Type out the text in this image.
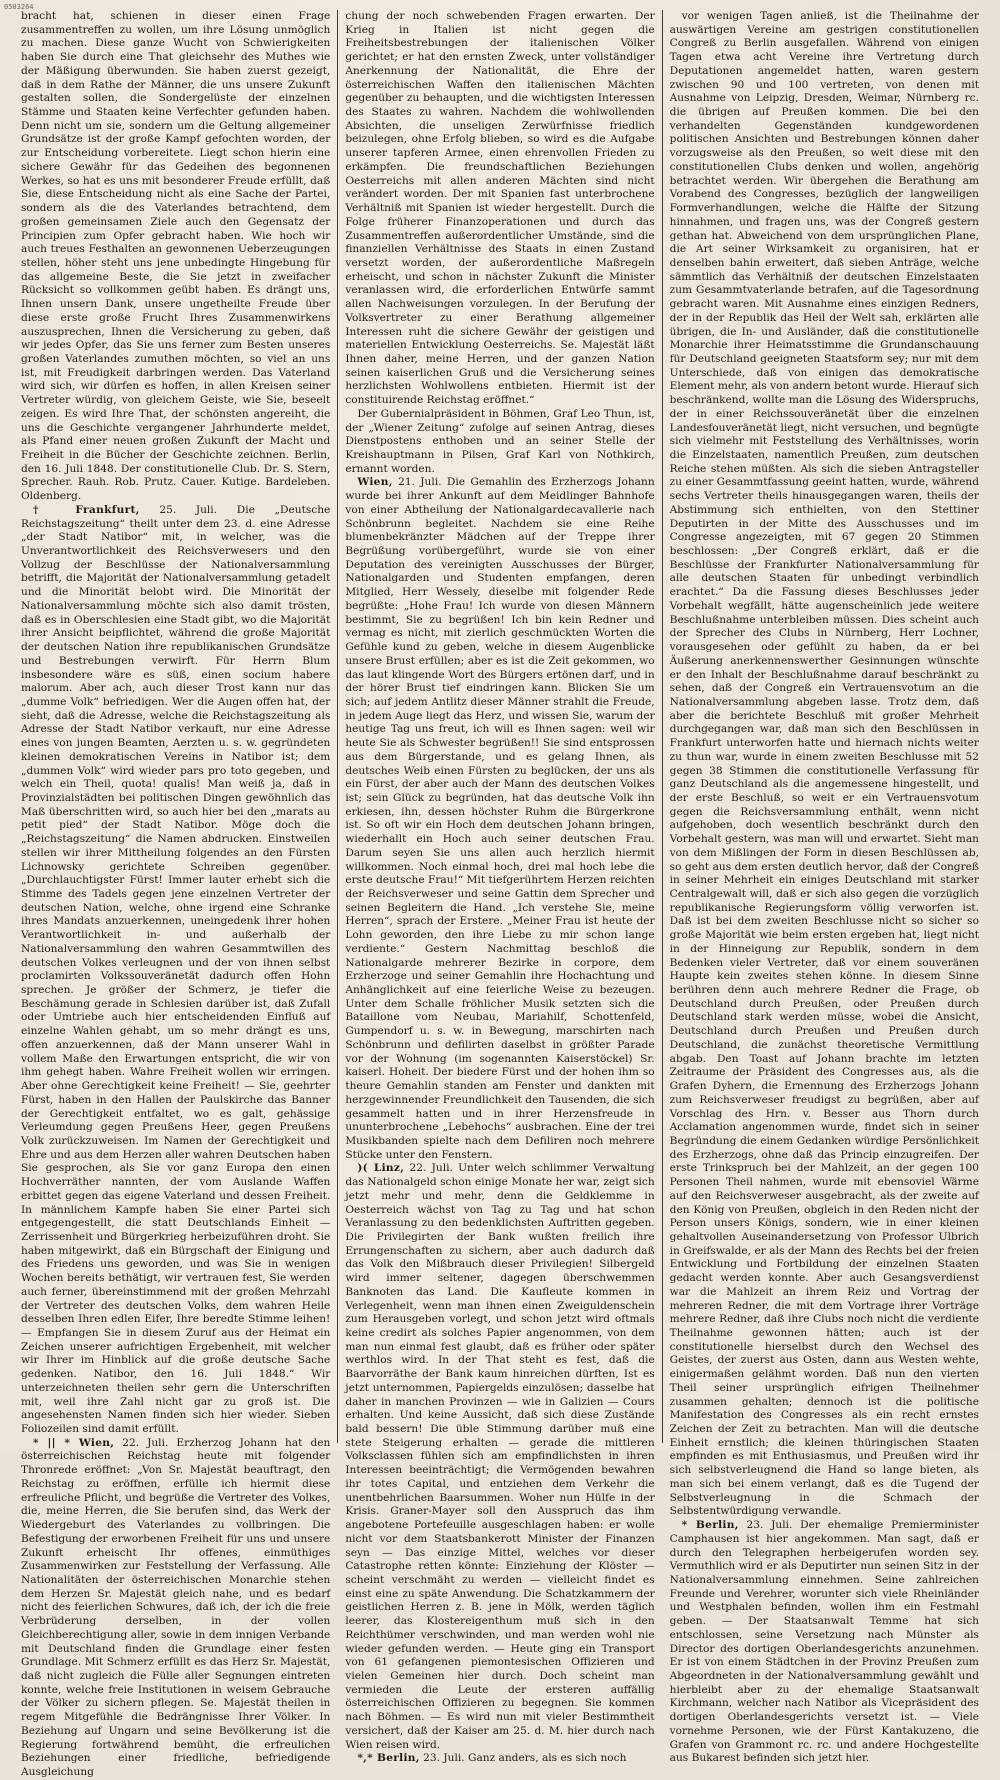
0503264

bracht hat, schienen in dieser einen Frage zusammentreffen zu wollen, um ihre Lösung unmöglich zu machen. Diese ganze Wucht von Schwierigkeiten haben Sie durch eine That gleichsehr des Muthes wie der Mäßigung überwunden. Sie haben zuerst gezeigt, daß in dem Rathe der Männer, die uns unsere Zukunft gestalten sollen, die Sondergelüste der einzelnen Stämme und Staaten keine Verfechter gefunden haben. Denn nicht um sie, sondern um die Geltung allgemeiner Grundsätze ist der große Kampf gefochten worden, der zur Entscheidung vorbereitete. Liegt schon hierin eine sichere Gewähr für das Gedeihen des begonnenen Werkes, so hat es uns mit besonderer Freude erfüllt, daß Sie, diese Entscheidung nicht als eine Sache der Partei, sondern als die des Vaterlandes betrachtend, dem großen gemeinsamen Ziele auch den Gegensatz der Principien zum Opfer gebracht haben. Wie hoch wir auch treues Festhalten an gewonnenen Ueberzeugungen stellen, höher steht uns jene unbedingte Hingebung für das allgemeine Beste, die Sie jetzt in zweifacher Rücksicht so vollkommen geübt haben. Es drängt uns, Ihnen unsern Dank, unsere ungetheilte Freude über diese erste große Frucht Ihres Zusammenwirkens auszusprechen, Ihnen die Versicherung zu geben, daß wir jedes Opfer, das Sie uns ferner zum Besten unseres großen Vaterlandes zumuthen möchten, so viel an uns ist, mit Freudigkeit darbringen werden. Das Vaterland wird sich, wir dürfen es hoffen, in allen Kreisen seiner Vertreter würdig, von gleichem Geiste, wie Sie, beseelt zeigen. Es wird Ihre That, der schönsten angereiht, die uns die Geschichte vergangener Jahrhunderte meldet, als Pfand einer neuen großen Zukunft der Macht und Freiheit in die Bücher der Geschichte zeichnen. Berlin, den 16. Juli 1848. Der constitutionelle Club. Dr. S. Stern, Sprecher. Rauh. Rob. Prutz. Cauer. Kutige. Bardeleben. Oldenberg.

† Frankfurt, 25. Juli. Die „Deutsche Reichstagszeitung“ theilt unter dem 23. d. eine Adresse „der Stadt Natibor“ mit, in welcher, was die Unverantwortlichkeit des Reichsverwesers und den Vollzug der Beschlüsse der Nationalversammlung betrifft, die Majorität der Nationalversammlung getadelt und die Minorität belobt wird. Die Minorität der Nationalversammlung möchte sich also damit trösten, daß es in Oberschlesien eine Stadt gibt, wo die Majorität ihrer Ansicht beipflichtet, während die große Majorität der deutschen Nation ihre republikanischen Grundsätze und Bestrebungen verwirft. Für Herrn Blum insbesondere wäre es süß, einen socium habere malorum. Aber ach, auch dieser Trost kann nur das „dumme Volk“ befriedigen. Wer die Augen offen hat, der sieht, daß die Adresse, welche die Reichstagszeitung als Adresse der Stadt Natibor verkauft, nur eine Adresse eines von jungen Beamten, Aerzten u. s. w. gegründeten kleinen demokratischen Vereins in Natibor ist; dem „dummen Volk“ wird wieder pars pro toto gegeben, und welch ein Theil, quota! qualis! Man weiß ja, daß in Provinzialstädten bei politischen Dingen gewöhnlich das Maß überschritten wird, so auch hier bei den „marats au petit pied“ der Stadt Natibor. Möge doch die „Reichstagszeitung“ die Namen abdrucken. Einstweilen stellen wir ihrer Mittheilung folgendes an den Fürsten Lichnowsky gerichtete Schreiben gegenüber. „Durchlauchtigster Fürst! Immer lauter erhebt sich die Stimme des Tadels gegen jene einzelnen Vertreter der deutschen Nation, welche, ohne irgend eine Schranke ihres Mandats anzuerkennen, uneingedenk ihrer hohen Verantwortlichkeit in- und außerhalb der Nationalversammlung den wahren Gesammtwillen des deutschen Volkes verleugnen und der von ihnen selbst proclamirten Volkssouveränetät dadurch offen Hohn sprechen. Je größer der Schmerz, je tiefer die Beschämung gerade in Schlesien darüber ist, daß Zufall oder Umtriebe auch hier entscheidenden Einfluß auf einzelne Wahlen gehabt, um so mehr drängt es uns, offen anzuerkennen, daß der Mann unserer Wahl in vollem Maße den Erwartungen entspricht, die wir von ihm gehegt haben. Wahre Freiheit wollen wir erringen. Aber ohne Gerechtigkeit keine Freiheit! — Sie, geehrter Fürst, haben in den Hallen der Paulskirche das Banner der Gerechtigkeit entfaltet, wo es galt, gehässige Verleumdung gegen Preußens Heer, gegen Preußens Volk zurückzuweisen. Im Namen der Gerechtigkeit und Ehre und aus dem Herzen aller wahren Deutschen haben Sie gesprochen, als Sie vor ganz Europa den einen Hochverräther nannten, der vom Auslande Waffen erbittet gegen das eigene Vaterland und dessen Freiheit. In männlichem Kampfe haben Sie einer Partei sich entgegengestellt, die statt Deutschlands Einheit — Zerrissenheit und Bürgerkrieg herbeizuführen droht. Sie haben mitgewirkt, daß ein Bürgschaft der Einigung und des Friedens uns geworden, und was Sie in wenigen Wochen bereits bethätigt, wir vertrauen fest, Sie werden auch ferner, übereinstimmend mit der großen Mehrzahl der Vertreter des deutschen Volks, dem wahren Heile desselben Ihren edlen Eifer, Ihre beredte Stimme leihen! — Empfangen Sie in diesem Zuruf aus der Heimat ein Zeichen unserer aufrichtigen Ergebenheit, mit welcher wir Ihrer im Hinblick auf die große deutsche Sache gedenken. Natibor, den 16. Juli 1848.“ Wir unterzeichneten theilen sehr gern die Unterschriften mit, weil ihre Zahl nicht gar zu groß ist. Die angesehensten Namen finden sich hier wieder. Sieben Foliozeilen sind damit erfüllt.

* || * Wien, 22. Juli. Erzherzog Johann hat den österreichischen Reichstag heute mit folgender Thronrede eröffnet: „Von Sr. Majestät beauftragt, den Reichstag zu eröffnen, erfülle ich hiermit diese erfreuliche Pflicht, und begrüße die Vertreter des Volkes, die, meine Herren, die Sie berufen sind, das Werk der Wiedergeburt des Vaterlandes zu vollbringen. Die Befestigung der erworbenen Freiheit für uns und unsere Zukunft erheischt Ihr offenes, einmüthiges Zusammenwirken zur Feststellung der Verfassung. Alle Nationalitäten der österreichischen Monarchie stehen dem Herzen Sr. Majestät gleich nahe, und es bedarf nicht des feierlichen Schwures, daß ich, der ich die freie Verbrüderung derselben, in der vollen Gleichberechtigung aller, sowie in dem innigen Verbande mit Deutschland finden die Grundlage einer festen Grundlage. Mit Schmerz erfüllt es das Herz Sr. Majestät, daß nicht zugleich die Fülle aller Segnungen eintreten konnte, welche freie Institutionen in weisem Gebrauche der Völker zu sichern pflegen. Se. Majestät theilen in regem Mitgefühle die Bedrängnisse Ihrer Völker. In Beziehung auf Ungarn und seine Bevölkerung ist die Regierung fortwährend bemüht, die erfreulichen Beziehungen einer friedliche, befriedigende Ausgleichung

chung der noch schwebenden Fragen erwarten. Der Krieg in Italien ist nicht gegen die Freiheitsbestrebungen der italienischen Völker gerichtet; er hat den ernsten Zweck, unter vollständiger Anerkennung der Nationalität, die Ehre der österreichischen Waffen den italienischen Mächten gegenüber zu behaupten, und die wichtigsten Interessen des Staates zu wahren. Nachdem die wohlwollenden Absichten, die unseligen Zerwürfnisse friedlich beizulegen, ohne Erfolg blieben, so wird es die Aufgabe unserer tapferen Armee, einen ehrenvollen Frieden zu erkämpfen. Die freundschaftlichen Beziehungen Oesterreichs mit allen anderen Mächten sind nicht verändert worden. Der mit Spanien fast unterbrochene Verhältniß mit Spanien ist wieder hergestellt. Durch die Folge früherer Finanzoperationen und durch das Zusammentreffen außerordentlicher Umstände, sind die finanziellen Verhältnisse des Staats in einen Zustand versetzt worden, der außerordentliche Maßregeln erheischt, und schon in nächster Zukunft die Minister veranlassen wird, die erforderlichen Entwürfe sammt allen Nachweisungen vorzulegen. In der Berufung der Volksvertreter zu einer Berathung allgemeiner Interessen ruht die sichere Gewähr der geistigen und materiellen Entwicklung Oesterreichs. Se. Majestät läßt Ihnen daher, meine Herren, und der ganzen Nation seinen kaiserlichen Gruß und die Versicherung seines herzlichsten Wohlwollens entbieten. Hiermit ist der constituirende Reichstag eröffnet.“

Der Gubernialpräsident in Böhmen, Graf Leo Thun, ist, der „Wiener Zeitung“ zufolge auf seinen Antrag, dieses Dienstpostens enthoben und an seiner Stelle der Kreishauptmann in Pilsen, Graf Karl von Nothkirch, ernannt worden.

Wien, 21. Juli. Die Gemahlin des Erzherzogs Johann wurde bei ihrer Ankunft auf dem Meidlinger Bahnhofe von einer Abtheilung der Nationalgardecavallerie nach Schönbrunn begleitet. Nachdem sie eine Reihe blumenbekränzter Mädchen auf der Treppe ihrer Begrüßung vorübergeführt, wurde sie von einer Deputation des vereinigten Ausschusses der Bürger, Nationalgarden und Studenten empfangen, deren Mitglied, Herr Wessely, dieselbe mit folgender Rede begrüßte: „Hohe Frau! Ich wurde von diesen Männern bestimmt, Sie zu begrüßen! Ich bin kein Redner und vermag es nicht, mit zierlich geschmückten Worten die Gefühle kund zu geben, welche in diesem Augenblicke unsere Brust erfüllen; aber es ist die Zeit gekommen, wo das laut klingende Wort des Bürgers ertönen darf, und in der hörer Brust tief eindringen kann. Blicken Sie um sich; auf jedem Antlitz dieser Männer strahlt die Freude, in jedem Auge liegt das Herz, und wissen Sie, warum der heutige Tag uns freut, ich will es Ihnen sagen: weil wir heute Sie als Schwester begrüßen!! Sie sind entsprossen aus dem Bürgerstande, und es gelang Ihnen, als deutsches Weib einen Fürsten zu beglücken, der uns als ein Fürst, der aber auch der Mann des deutschen Volkes ist; sein Glück zu begründen, hat das deutsche Volk ihn erkiesen, ihn, dessen höchster Ruhm die Bürgerkrone ist. So oft wir ein Hoch dem deutschen Johann bringen, wiederhallt ein Hoch auch seiner deutschen Frau. Darum seyen Sie uns allen auch herzlich hiermit willkommen. Noch einmal hoch, drei mal hoch lebe die erste deutsche Frau!“ Mit tiefgerührtem Herzen reichten der Reichsverweser und seine Gattin dem Sprecher und seinen Begleitern die Hand. „Ich verstehe Sie, meine Herren“, sprach der Erstere. „Meiner Frau ist heute der Lohn geworden, den ihre Liebe zu mir schon lange verdiente.“ Gestern Nachmittag beschloß die Nationalgarde mehrerer Bezirke in corpore, dem Erzherzoge und seiner Gemahlin ihre Hochachtung und Anhänglichkeit auf eine feierliche Weise zu bezeugen. Unter dem Schalle fröhlicher Musik setzten sich die Bataillone vom Neubau, Mariahilf, Schottenfeld, Gumpendorf u. s. w. in Bewegung, marschirten nach Schönbrunn und defilirten daselbst in größter Parade vor der Wohnung (im sogenannten Kaiserstöckel) Sr. kaiserl. Hoheit. Der biedere Fürst und der hohen ihm so theure Gemahlin standen am Fenster und dankten mit herzgewinnender Freundlichkeit den Tausenden, die sich gesammelt hatten und in ihrer Herzensfreude in ununterbrochene „Lebehochs“ ausbrachen. Eine der trei Musikbanden spielte nach dem Defiliren noch mehrere Stücke unter den Fenstern.

)( Linz, 22. Juli. Unter welch schlimmer Verwaltung das Nationalgeld schon einige Monate her war, zeigt sich jetzt mehr und mehr, denn die Geldklemme in Oesterreich wächst von Tag zu Tag und hat schon Veranlassung zu den bedenklichsten Auftritten gegeben. Die Privilegirten der Bank wußten freilich ihre Errungenschaften zu sichern, aber auch dadurch daß das Volk den Mißbrauch dieser Privilegien! Silbergeld wird immer seltener, dagegen überschwemmen Banknoten das Land. Die Kaufleute kommen in Verlegenheit, wenn man ihnen einen Zweiguldenschein zum Herausgeben vorlegt, und schon jetzt wird oftmals keine credirt als solches Papier angenommen, von dem man nun einmal fest glaubt, daß es früher oder später werthlos wird. In der That steht es fest, daß die Baarvorräthe der Bank kaum hinreichen dürften, Ist es jetzt unternommen, Papiergelds einzulösen; dasselbe hat daher in manchen Provinzen — wie in Galizien — Cours erhalten. Und keine Aussicht, daß sich diese Zustände bald bessern! Die üble Stimmung darüber muß eine stete Steigerung erhalten — gerade die mittleren Volksclassen fühlen sich am empfindlichsten in ihren Interessen beeinträchtigt; die Vermögenden bewahren ihr totes Capital, und entziehen dem Verkehr die unentbehrlichen Baarsummen. Woher nun Hülfe in der Krisis. Graner-Mayer soll den Ausspruch das ihm angebotene Portefeuille ausgeschlagen haben: er wolle nicht vor dem Staatsbankerott Minister der Finanzen seyn — Das einzige Mittel, welches vor dieser Catastrophe retten könnte: Einziehung der Klöster — scheint verschmäht zu werden — vielleicht findet es einst eine zu späte Anwendung. Die Schatzkammern der geistlichen Herren z. B. jene in Mölk, werden täglich leerer, das Klostereigenthum muß sich in den Reichthümer verschwinden, und man werden wohl nie wieder gefunden werden. — Heute ging ein Transport von 61 gefangenen piemontesischen Offizieren und vielen Gemeinen hier durch. Doch scheint man vermieden die Leute der ersteren auffällig österreichischen Offizieren zu begegnen. Sie kommen nach Böhmen. — Es wird nun mit vieler Bestimmtheit versichert, daß der Kaiser am 25. d. M. hier durch nach Wien reisen wird.

*,* Berlin, 23. Juli. Ganz anders, als es sich noch

vor wenigen Tagen anließ, ist die Theilnahme der auswärtigen Vereine am gestrigen constitutionellen Congreß zu Berlin ausgefallen. Während von einigen Tagen etwa acht Vereine ihre Vertretung durch Deputationen angemeldet hatten, waren gestern zwischen 90 und 100 vertreten, von denen mit Ausnahme von Leipzig, Dresden, Weimar, Nürnberg rc. die übrigen auf Preußen kommen. Die bei den verhandelten Gegenständen kundgewordenen politischen Ansichten und Bestrebungen können daher vorzugsweise als den Preußen, so weit diese mit den constitutionellen Clubs denken und wollen, angehörig betrachtet werden. Wir übergehen die Berathung am Vorabend des Congresses, bezüglich der langweiligen Formverhandlungen, welche die Hälfte der Sitzung hinnahmen, und fragen uns, was der Congreß gestern gethan hat. Abweichend von dem ursprünglichen Plane, die Art seiner Wirksamkeit zu organisiren, hat er denselben bahin erweitert, daß sieben Anträge, welche sämmtlich das Verhältniß der deutschen Einzelstaaten zum Gesammtvaterlande betrafen, auf die Tagesordnung gebracht waren. Mit Ausnahme eines einzigen Redners, der in der Republik das Heil der Welt sah, erklärten alle übrigen, die In- und Ausländer, daß die constitutionelle Monarchie ihrer Heimatsstimme die Grundanschauung für Deutschland geeigneten Staatsform sey; nur mit dem Unterschiede, daß von einigen das demokratische Element mehr, als von andern betont wurde. Hierauf sich beschränkend, wollte man die Lösung des Widerspruchs, der in einer Reichssouveränetät über die einzelnen Landesfouveränetät liegt, nicht versuchen, und begnügte sich vielmehr mit Feststellung des Verhältnisses, worin die Einzelstaaten, namentlich Preußen, zum deutschen Reiche stehen müßten. Als sich die sieben Antragsteller zu einer Gesammtfassung geeint hatten, wurde, während sechs Vertreter theils hinausgegangen waren, theils der Abstimmung sich enthielten, von den Stettiner Deputirten in der Mitte des Ausschusses und im Congresse angezeigten, mit 67 gegen 20 Stimmen beschlossen: „Der Congreß erklärt, daß er die Beschlüsse der Frankfurter Nationalversammlung für alle deutschen Staaten für unbedingt verbindlich erachtet.“ Da die Fassung dieses Beschlusses jeder Vorbehalt wegfällt, hätte augenscheinlich jede weitere Beschlußnahme unterbleiben müssen. Dies scheint auch der Sprecher des Clubs in Nürnberg, Herr Lochner, vorausgesehen oder gefühlt zu haben, da er bei Äußerung anerkennenswerther Gesinnungen wünschte er den Inhalt der Beschlußnahme darauf beschränkt zu sehen, daß der Congreß ein Vertrauensvotum an die Nationalversammlung abgeben lasse. Trotz dem, daß aber die berichtete Beschluß mit großer Mehrheit durchgegangen war, daß man sich den Beschlüssen in Frankfurt unterworfen hatte und hiernach nichts weiter zu thun war, wurde in einem zweiten Beschlusse mit 52 gegen 38 Stimmen die constitutionelle Verfassung für ganz Deutschland als die angemessene hingestellt, und der erste Beschluß, so weit er ein Vertrauensvotum gegen die Reichsversammlung enthält, wenn nicht aufgehoben, doch wesentlich beschränkt durch den Vorbehalt gestern, was man will und erwartet. Sieht man von dem Mißlingen der Form in diesen Beschlüssen ab, so geht aus dem ersten deutlich hervor, daß der Congreß in seiner Mehrheit ein einiges Deutschland mit starker Centralgewalt will, daß er sich also gegen die vorzüglich republikanische Regierungsform völlig verworfen ist. Daß ist bei dem zweiten Beschlusse nicht so sicher so große Majorität wie beim ersten ergeben hat, liegt nicht in der Hinneigung zur Republik, sondern in dem Bedenken vieler Vertreter, daß vor einem souveränen Haupte kein zweites stehen könne. In diesem Sinne berühren denn auch mehrere Redner die Frage, ob Deutschland durch Preußen, oder Preußen durch Deutschland stark werden müsse, wobei die Ansicht, Deutschland durch Preußen und Preußen durch Deutschland, die zunächst theoretische Vermittlung abgab. Den Toast auf Johann brachte im letzten Zeitraume der Präsident des Congresses aus, als die Grafen Dyhern, die Ernennung des Erzherzogs Johann zum Reichsverweser freudigst zu begrüßen, aber auf Vorschlag des Hrn. v. Besser aus Thorn durch Acclamation angenommen wurde, findet sich in seiner Begründung die einem Gedanken würdige Persönlichkeit des Erzherzogs, ohne daß das Princip einzugreifen. Der erste Trinkspruch bei der Mahlzeit, an der gegen 100 Personen Theil nahmen, wurde mit ebensoviel Wärme auf den Reichsverweser ausgebracht, als der zweite auf den König von Preußen, obgleich in den Reden nicht der Person unsers Königs, sondern, wie in einer kleinen gehaltvollen Auseinandersetzung von Professor Ulbrich in Greifswalde, er als der Mann des Rechts bei der freien Entwicklung und Fortbildung der einzelnen Staaten gedacht werden konnte. Aber auch Gesangsverdienst war die Mahlzeit an ihrem Reiz und Vortrag der mehreren Redner, die mit dem Vortrage ihrer Vorträge mehrere Redner, daß ihre Clubs noch nicht die verdiente Theilnahme gewonnen hätten; auch ist der constitutionelle hierselbst durch den Wechsel des Geistes, der zuerst aus Osten, dann aus Westen wehte, einigermaßen gelähmt worden. Daß nun den vierten Theil seiner ursprünglich eifrigen Theilnehmer zusammen gehalten; dennoch ist die politische Manifestation des Congresses als ein recht ernstes Zeichen der Zeit zu betrachten. Man will die deutsche Einheit ernstlich; die kleinen thüringischen Staaten empfinden es mit Enthusiasmus, und Preußen wird ihr sich selbstverleugnend die Hand so lange bieten, als man sich bei einem verlangt, daß es die Tugend der Selbstverleugnung in die Schmach der Selbstentwürdigung verwandle.

* Berlin, 23. Juli. Der ehemalige Premierminister Camphausen ist hier angekommen. Man sagt, daß er durch den Telegraphen herbeigerufen worden sey. Vermuthlich wird er als Deputirter nun seinen Sitz in der Nationalversammlung einnehmen. Seine zahlreichen Freunde und Verehrer, worunter sich viele Rheinländer und Westphalen befinden, wollen ihm ein Festmahl geben. — Der Staatsanwalt Temme hat sich entschlossen, seine Versetzung nach Münster als Director des dortigen Oberlandesgerichts anzunehmen. Er ist von einem Städtchen in der Provinz Preußen zum Abgeordneten in der Nationalversammlung gewählt und hierbleibt aber zu der ehemalige Staatsanwalt Kirchmann, welcher nach Natibor als Vicepräsident des dortigen Oberlandesgerichts versetzt ist. — Viele vornehme Personen, wie der Fürst Kantakuzeno, die Grafen von Grammont rc. rc. und andere Hochgestellte aus Bukarest befinden sich jetzt hier.
